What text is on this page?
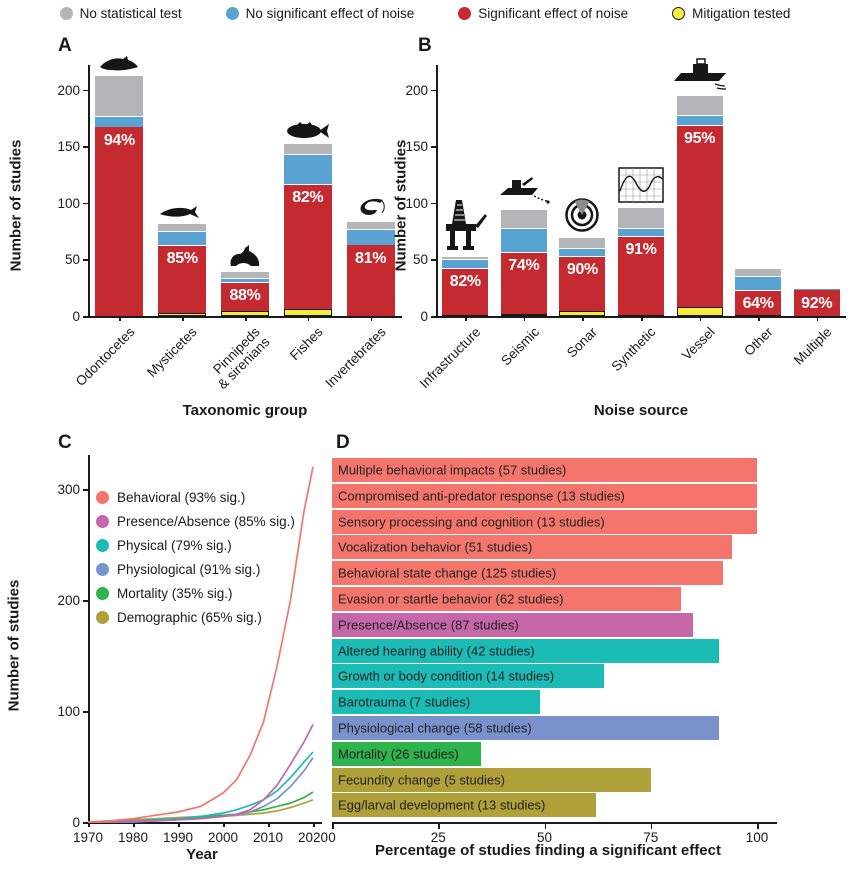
No statistical test	No significant effect of noise	Significant effect of noise	Mitigation tested
A
Number of studies
Taxonomic group
0
50
100
150
200
94%
Odontocetes
85%
Mysticetes
88%
Pinnipeds
& sirenians
82%
Fishes
81%
Invertebrates
B
Number of studies
Noise source
0
50
100
150
200
82%
Infrastructure
74%
Seismic
90%
Sonar
91%
Synthetic
95%
Vessel
64%
Other
92%
Multiple
C
Number of studies
Year
0
100
200
300
1970 1980 1990 2000 2010 2020
Behavioral (93% sig.)
Presence/Absence (85% sig.)
Physical (79% sig.)
Physiological (91% sig.)
Mortality (35% sig.)
Demographic (65% sig.)
D
Percentage of studies finding a significant effect
Multiple behavioral impacts (57 studies)
Compromised anti-predator response (13 studies)
Sensory processing and cognition (13 studies)
Vocalization behavior (51 studies)
Behavioral state change (125 studies)
Evasion or startle behavior (62 studies)
Presence/Absence (87 studies)
Altered hearing ability (42 studies)
Growth or body condition (14 studies)
Barotrauma (7 studies)
Physiological change (58 studies)
Mortality (26 studies)
Fecundity change (5 studies)
Egg/larval development (13 studies)
0	25	50	75	100
